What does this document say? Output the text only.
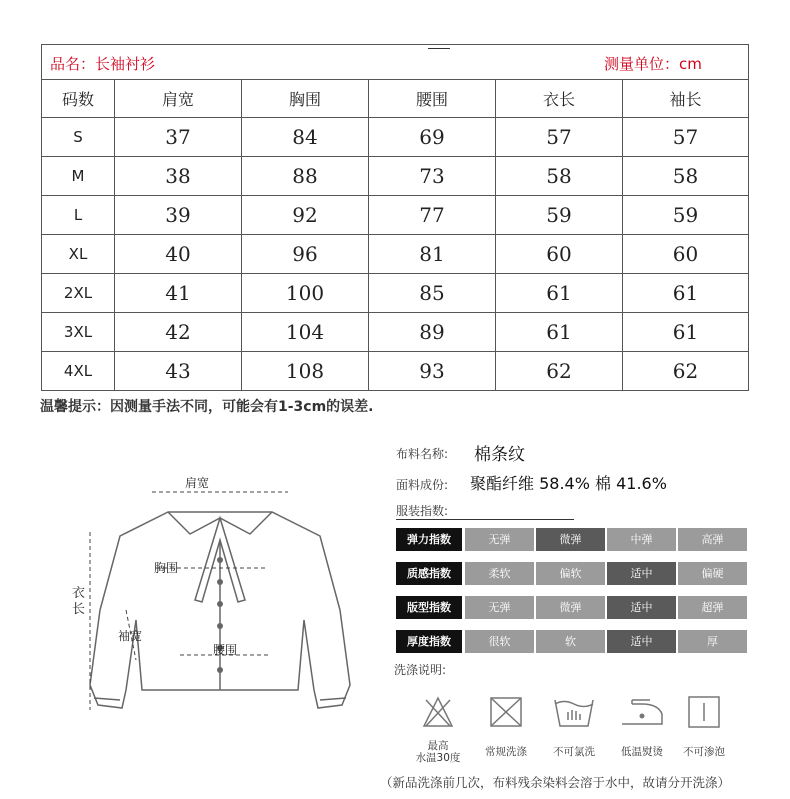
码数	肩宽	胸围	腰围	衣长	袖长
S	37	84	69	57	57
M	38	88	73	58	58
L	39	92	77	59	59
XL	40	96	81	60	60
2XL	41	100	85	61	61
3XL	42	104	89	61	61
4XL	43	108	93	62	62
品名：长袖衬衫	测量单位：cm
温馨提示：因测量手法不同，可能会有1-3cm的误差.
肩宽
胸围
衣
长
袖宽
腰围
布料名称: 棉条纹
面料成份: 聚酯纤维 58.4% 棉 41.6%
服装指数:
弹力指数	无弹	微弹	中弹	高弹
质感指数	柔软	偏软	适中	偏硬
版型指数	无弹	微弹	适中	超弹
厚度指数	很软	软	适中	厚
洗涤说明:
最高
水温30度	常规洗涤	不可氯洗	低温熨烫	不可渗泡
（新品洗涤前几次，布料残余染料会溶于水中，故请分开洗涤）
